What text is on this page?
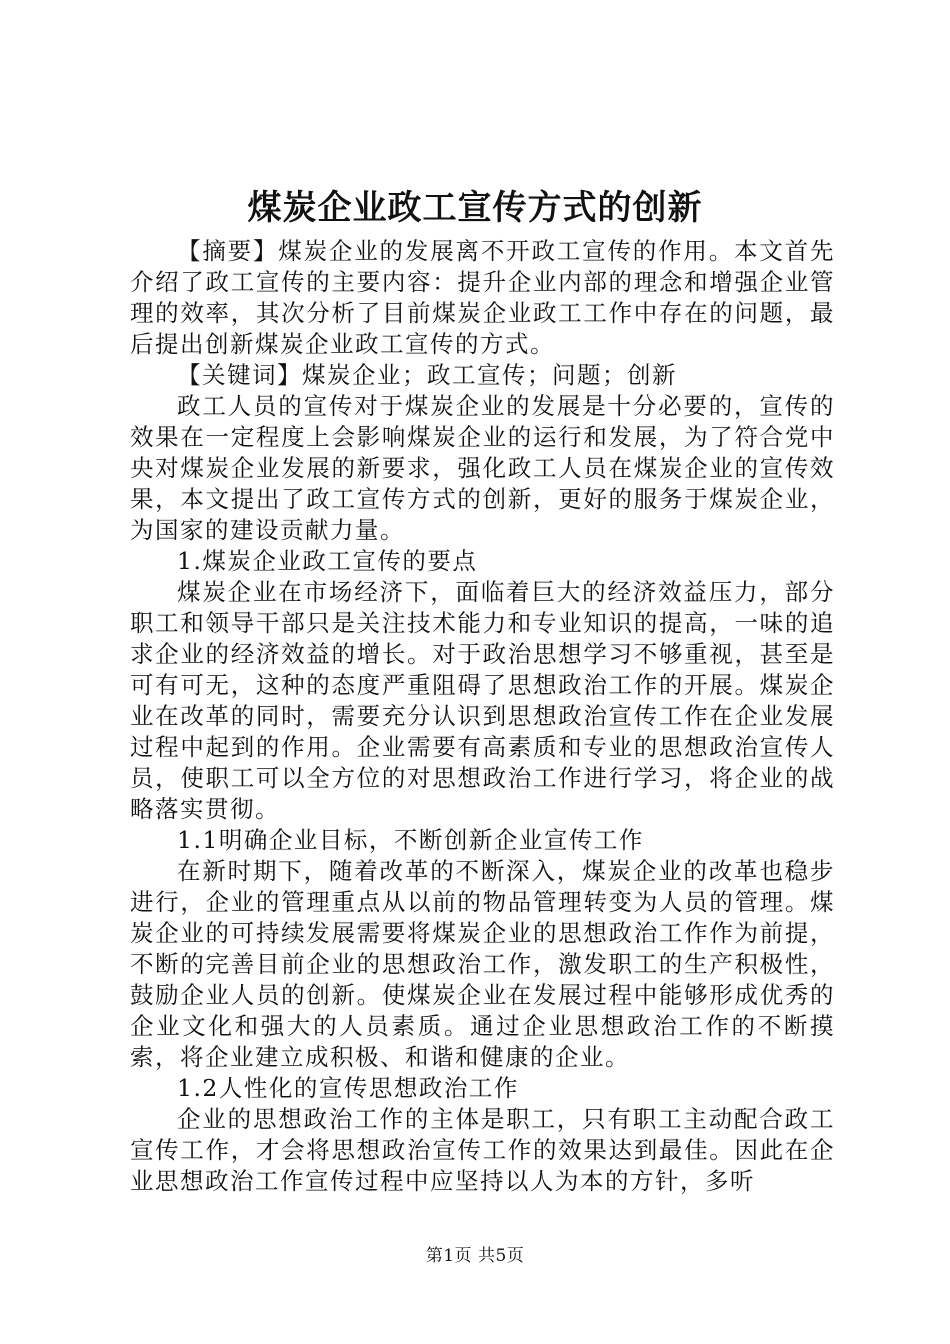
煤炭企业政工宣传方式的创新

【摘要】煤炭企业的发展离不开政工宣传的作用。本文首先介绍了政工宣传的主要内容：提升企业内部的理念和增强企业管理的效率，其次分析了目前煤炭企业政工工作中存在的问题，最后提出创新煤炭企业政工宣传的方式。

【关键词】煤炭企业；政工宣传；问题；创新

政工人员的宣传对于煤炭企业的发展是十分必要的，宣传的效果在一定程度上会影响煤炭企业的运行和发展，为了符合党中央对煤炭企业发展的新要求，强化政工人员在煤炭企业的宣传效果，本文提出了政工宣传方式的创新，更好的服务于煤炭企业，为国家的建设贡献力量。

1.煤炭企业政工宣传的要点

煤炭企业在市场经济下，面临着巨大的经济效益压力，部分职工和领导干部只是关注技术能力和专业知识的提高，一味的追求企业的经济效益的增长。对于政治思想学习不够重视，甚至是可有可无，这种的态度严重阻碍了思想政治工作的开展。煤炭企业在改革的同时，需要充分认识到思想政治宣传工作在企业发展过程中起到的作用。企业需要有高素质和专业的思想政治宣传人员，使职工可以全方位的对思想政治工作进行学习，将企业的战略落实贯彻。

1.1明确企业目标，不断创新企业宣传工作

在新时期下，随着改革的不断深入，煤炭企业的改革也稳步进行，企业的管理重点从以前的物品管理转变为人员的管理。煤炭企业的可持续发展需要将煤炭企业的思想政治工作作为前提，不断的完善目前企业的思想政治工作，激发职工的生产积极性，鼓励企业人员的创新。使煤炭企业在发展过程中能够形成优秀的企业文化和强大的人员素质。通过企业思想政治工作的不断摸索，将企业建立成积极、和谐和健康的企业。

1.2人性化的宣传思想政治工作

企业的思想政治工作的主体是职工，只有职工主动配合政工宣传工作，才会将思想政治宣传工作的效果达到最佳。因此在企业思想政治工作宣传过程中应坚持以人为本的方针，多听

第1页 共5页
